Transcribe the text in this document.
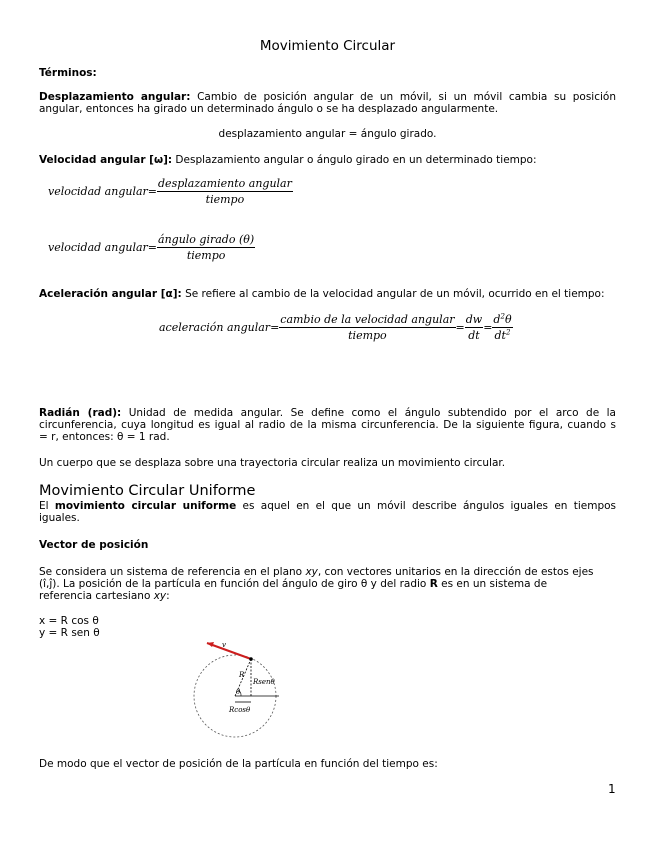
Movimiento Circular
Términos:
Desplazamiento angular: Cambio de posición angular de un móvil, si un móvil cambia su posición
angular, entonces ha girado un determinado ángulo o se ha desplazado angularmente.
desplazamiento angular = ángulo girado.
Velocidad angular [ω]: Desplazamiento angular o ángulo girado en un determinado tiempo:
velocidad angular = $\frac{\text{desplazamiento angular}}{\text{tiempo}}$
velocidad angular = $\frac{\text{ángulo girado (θ)}}{\text{tiempo}}$
Aceleración angular [α]: Se refiere al cambio de la velocidad angular de un móvil, ocurrido en el tiempo:
aceleración angular = $\frac{\text{cambio de la velocidad angular}}{\text{tiempo}} = \frac{dw}{dt} = \frac{d^2\theta}{dt^2}$
Radián (rad): Unidad de medida angular. Se define como el ángulo subtendido por el arco de la
circunferencia, cuya longitud es igual al radio de la misma circunferencia. De la siguiente figura, cuando s
= r, entonces: θ = 1 rad.
Un cuerpo que se desplaza sobre una trayectoria circular realiza un movimiento circular.
Movimiento Circular Uniforme
El movimiento circular uniforme es aquel en el que un móvil describe ángulos iguales en tiempos
iguales.
Vector de posición
Se considera un sistema de referencia en el plano xy, con vectores unitarios en la dirección de estos ejes
(î,ĵ). La posición de la partícula en función del ángulo de giro θ y del radio R es en un sistema de
referencia cartesiano xy:
x = R cos θ
y = R sen θ
v
R
Rsenθ
θ
Rcosθ
De modo que el vector de posición de la partícula en función del tiempo es:
1
